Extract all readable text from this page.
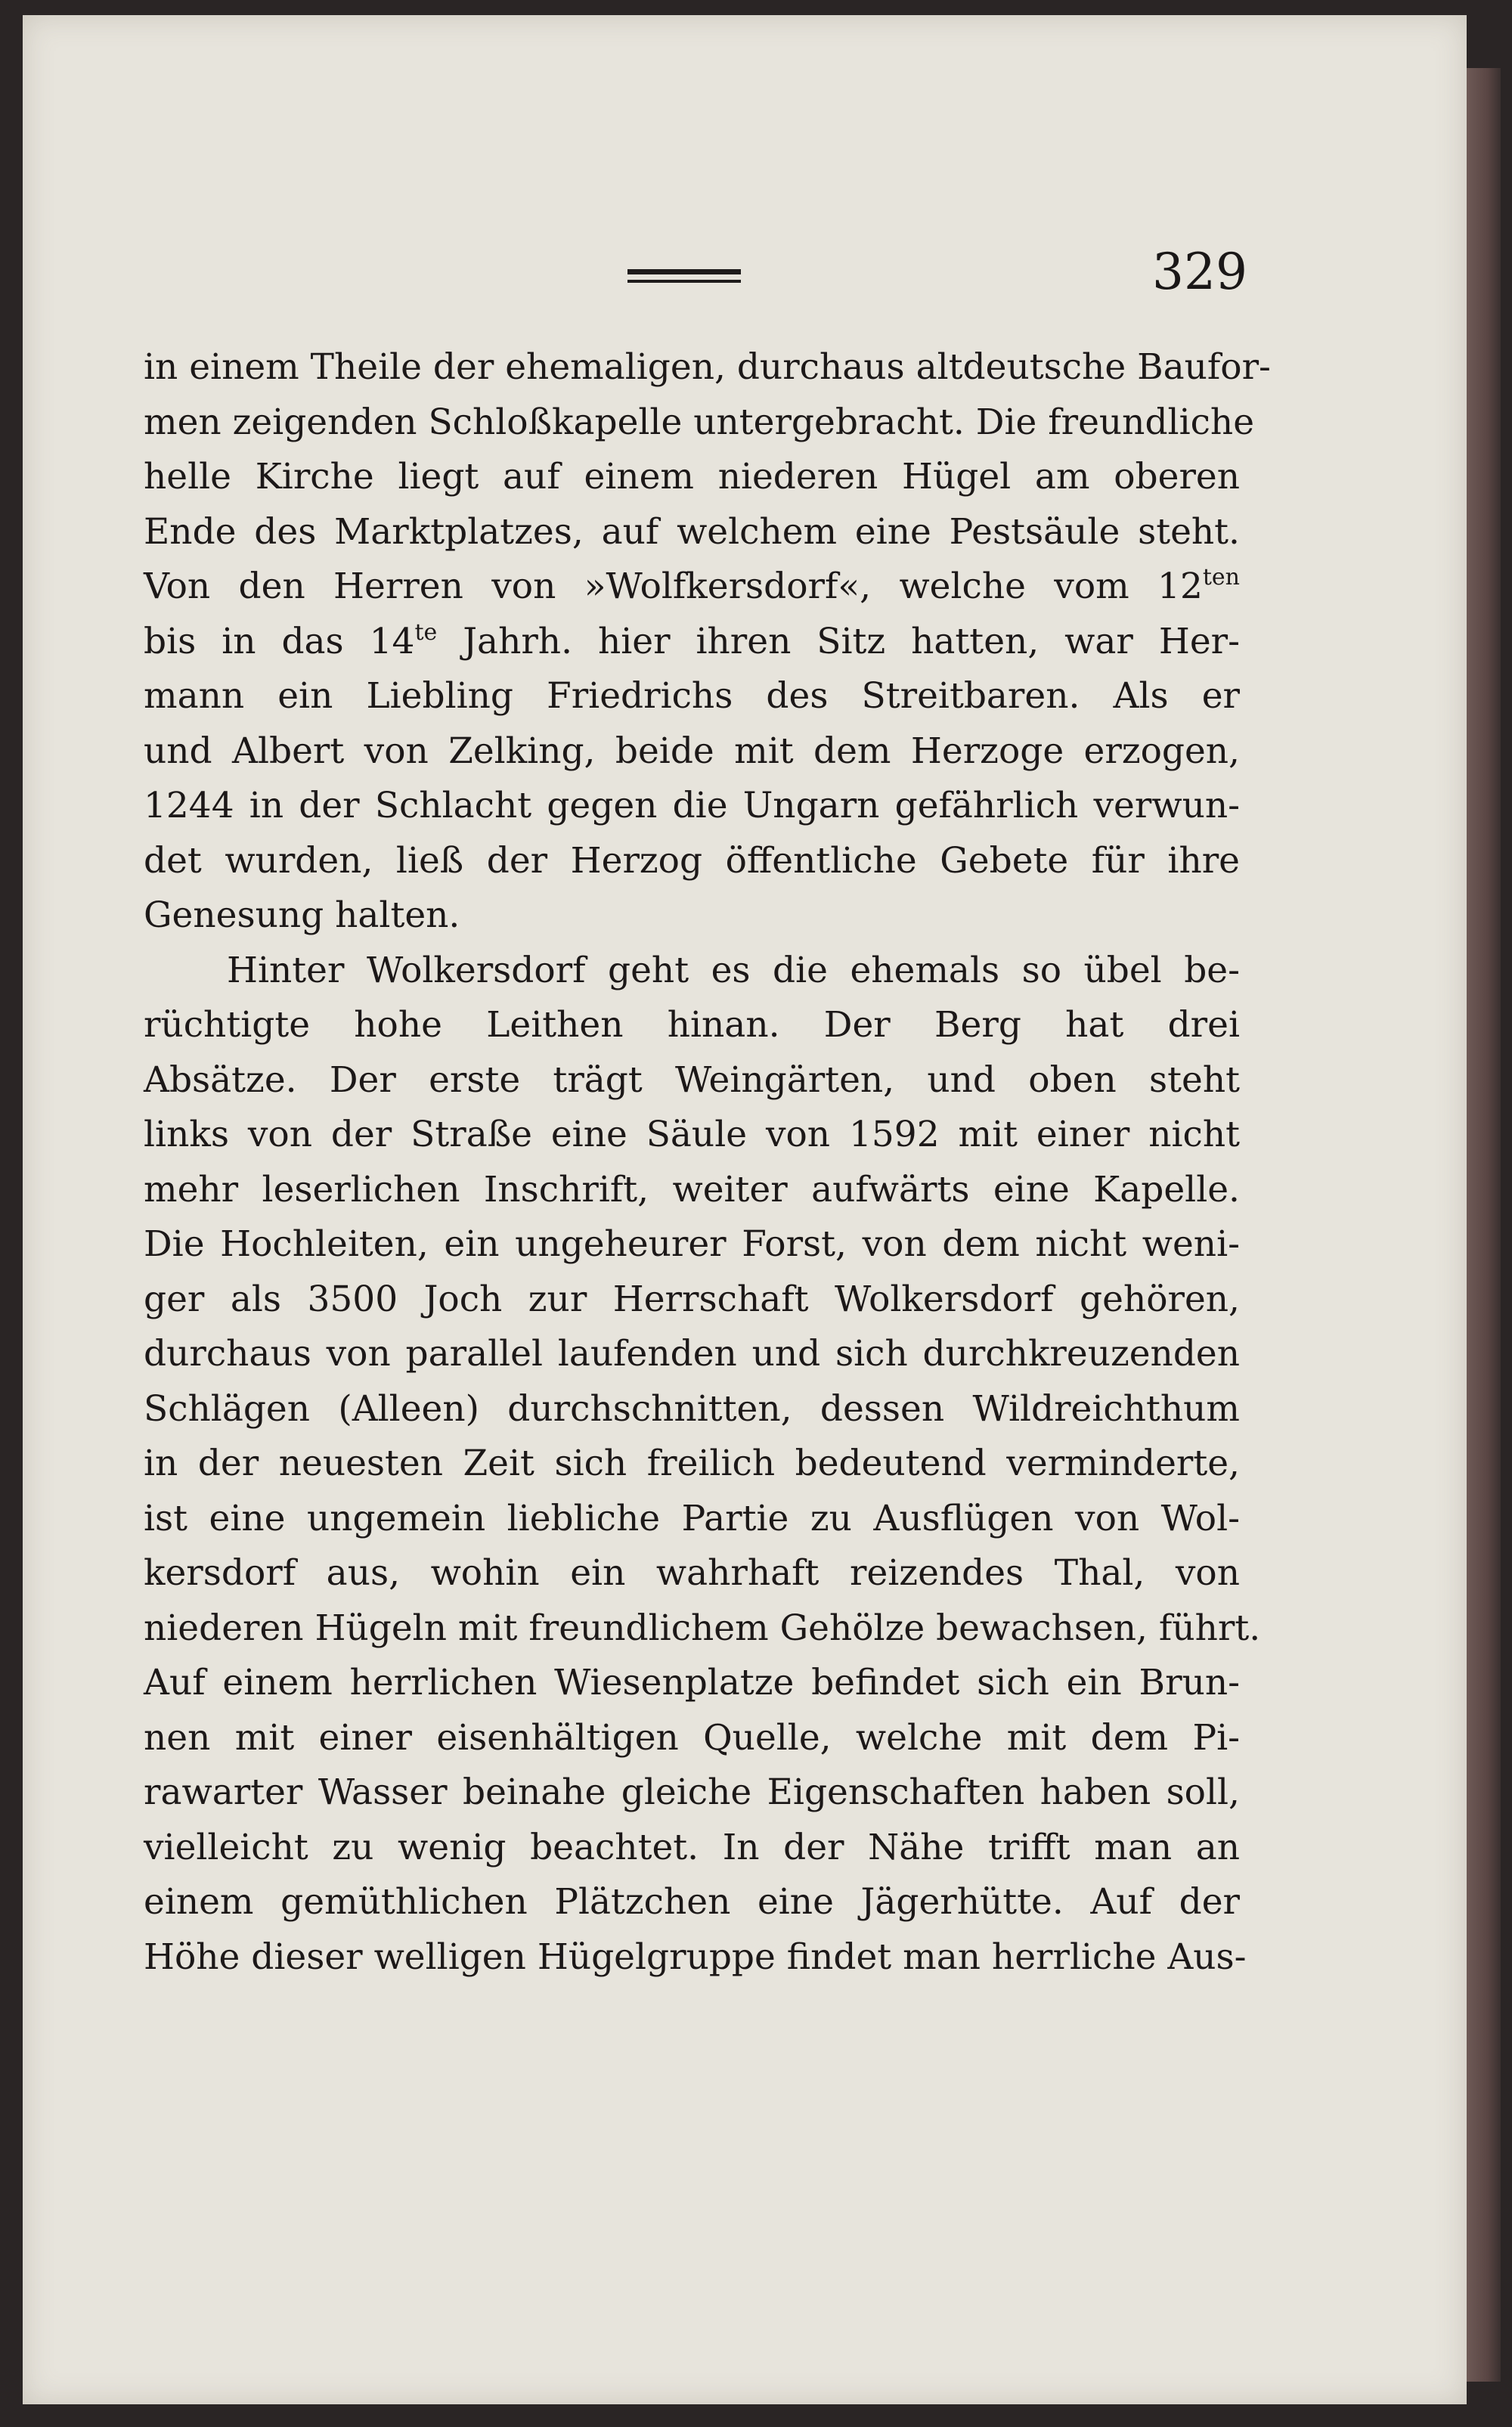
329
in einem Theile der ehemaligen, durchaus altdeutsche Baufor-
men zeigenden Schloßkapelle untergebracht. Die freundliche
helle Kirche liegt auf einem niederen Hügel am oberen
Ende des Marktplatzes, auf welchem eine Pestsäule steht.
Von den Herren von »Wolfkersdorf«, welche vom $12^{ten}$
bis in das $14^{te}$ Jahrh. hier ihren Sitz hatten, war Her-
mann ein Liebling Friedrichs des Streitbaren. Als er
und Albert von Zelking, beide mit dem Herzoge erzogen,
1244 in der Schlacht gegen die Ungarn gefährlich verwun-
det wurden, ließ der Herzog öffentliche Gebete für ihre
Genesung halten.
Hinter Wolkersdorf geht es die ehemals so übel be-
rüchtigte hohe Leithen hinan. Der Berg hat drei
Absätze. Der erste trägt Weingärten, und oben steht
links von der Straße eine Säule von 1592 mit einer nicht
mehr leserlichen Inschrift, weiter aufwärts eine Kapelle.
Die Hochleiten, ein ungeheurer Forst, von dem nicht weni-
ger als 3500 Joch zur Herrschaft Wolkersdorf gehören,
durchaus von parallel laufenden und sich durchkreuzenden
Schlägen (Alleen) durchschnitten, dessen Wildreichthum
in der neuesten Zeit sich freilich bedeutend verminderte,
ist eine ungemein liebliche Partie zu Ausflügen von Wol-
kersdorf aus, wohin ein wahrhaft reizendes Thal, von
niederen Hügeln mit freundlichem Gehölze bewachsen, führt.
Auf einem herrlichen Wiesenplatze befindet sich ein Brun-
nen mit einer eisenhältigen Quelle, welche mit dem Pi-
rawarter Wasser beinahe gleiche Eigenschaften haben soll,
vielleicht zu wenig beachtet. In der Nähe trifft man an
einem gemüthlichen Plätzchen eine Jägerhütte. Auf der
Höhe dieser welligen Hügelgruppe findet man herrliche Aus-
